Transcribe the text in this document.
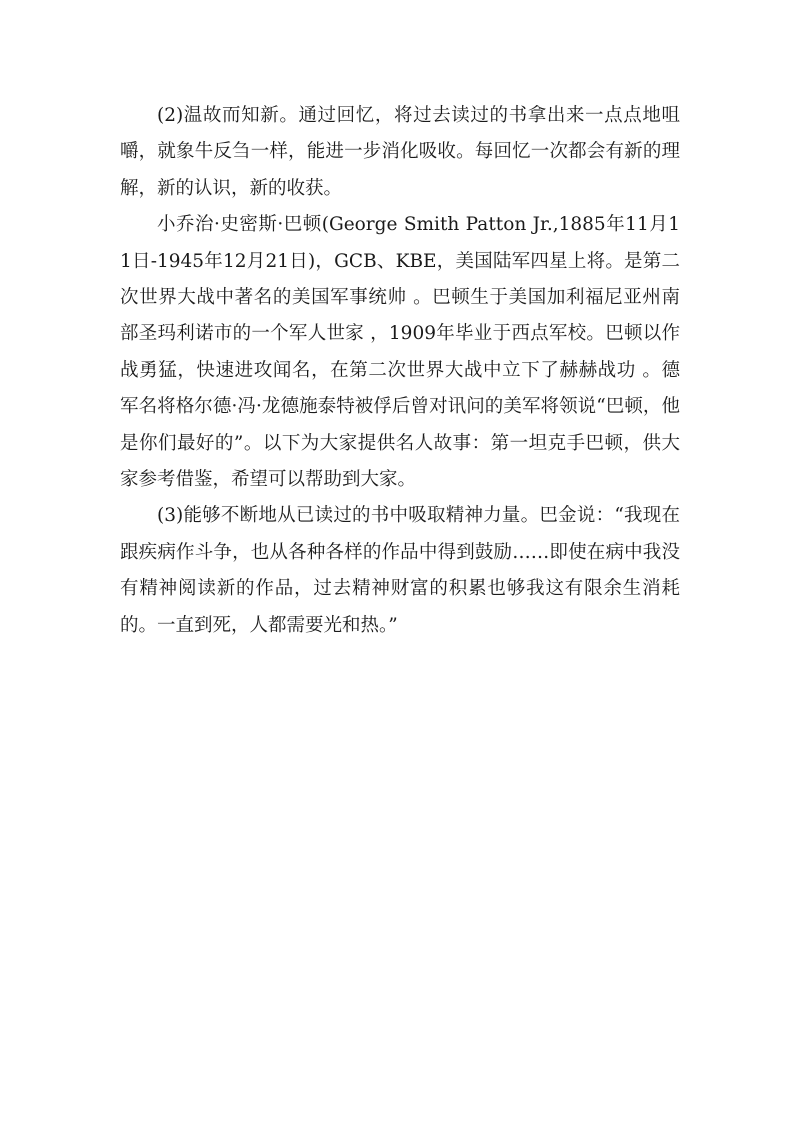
(2)温故而知新。通过回忆，将过去读过的书拿出来一点点地咀嚼，就象牛反刍一样，能进一步消化吸收。每回忆一次都会有新的理解，新的认识，新的收获。

小乔治·史密斯·巴顿(George Smith Patton Jr.,1885年11月11日-1945年12月21日)，GCB、KBE，美国陆军四星上将。是第二次世界大战中著名的美国军事统帅 。巴顿生于美国加利福尼亚州南部圣玛利诺市的一个军人世家 ，1909年毕业于西点军校。巴顿以作战勇猛，快速进攻闻名，在第二次世界大战中立下了赫赫战功 。德军名将格尔德·冯·龙德施泰特被俘后曾对讯问的美军将领说“巴顿，他是你们最好的”。以下为大家提供名人故事：第一坦克手巴顿，供大家参考借鉴，希望可以帮助到大家。

(3)能够不断地从已读过的书中吸取精神力量。巴金说：“我现在跟疾病作斗争，也从各种各样的作品中得到鼓励……即使在病中我没有精神阅读新的作品，过去精神财富的积累也够我这有限余生消耗的。一直到死，人都需要光和热。”
